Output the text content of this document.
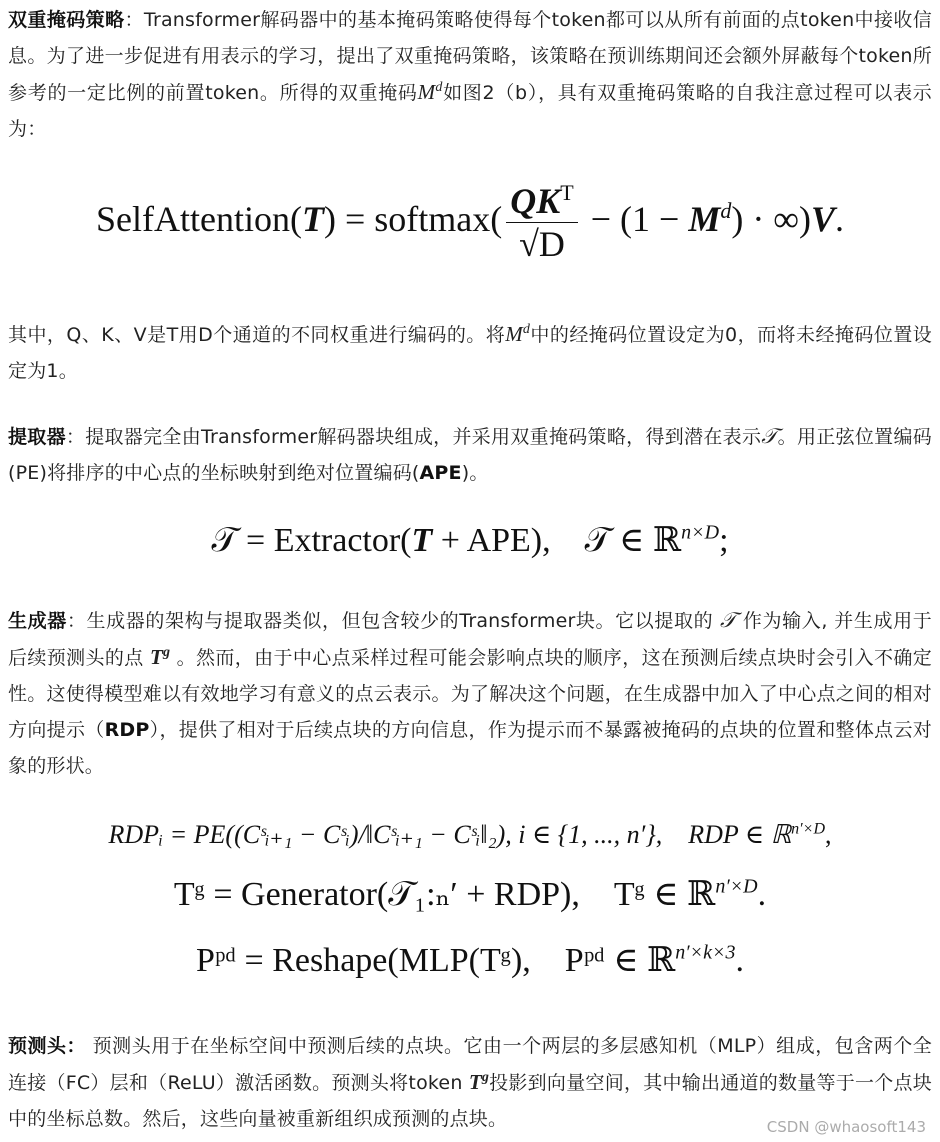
双重掩码策略：Transformer解码器中的基本掩码策略使得每个token都可以从所有前面的点token中接收信息。为了进一步促进有用表示的学习，提出了双重掩码策略，该策略在预训练期间还会额外屏蔽每个token所参考的一定比例的前置token。所得的双重掩码$M^d$如图2（b），具有双重掩码策略的自我注意过程可以表示为：
SelfAttention(T) = softmax( $\frac{QK^T}{√D} - (1 - M^d) \cdot \infty)V$.
其中，Q、K、V是T用D个通道的不同权重进行编码的。将$M^d$中的经掩码位置设定为0，而将未经掩码位置设定为1。
提取器：提取器完全由Transformer解码器块组成，并采用双重掩码策略，得到潜在表示𝒯。用正弦位置编码(PE)将排序的中心点的坐标映射到绝对位置编码(APE)。
𝒯 = Extractor(T + APE), 𝒯 ∈ ℝ$^{n\times D}$;
生成器：生成器的架构与提取器类似，但包含较少的Transformer块。它以提取的 𝒯 作为输入, 并生成用于后续预测头的点 $T^g$ 。然而，由于中心点采样过程可能会影响点块的顺序，这在预测后续点块时会引入不确定性。这使得模型难以有效地学习有意义的点云表示。为了解决这个问题，在生成器中加入了中心点之间的相对方向提示（RDP），提供了相对于后续点块的方向信息，作为提示而不暴露被掩码的点块的位置和整体点云对象的形状。
RDPᵢ = PE((Cˢᵢ₊₁ − Cˢᵢ)/‖Cˢᵢ₊₁ − Cˢᵢ‖₂), i ∈ {1, ..., n′}, RDP ∈ ℝ$^{n'\times D}$,
Tᵍ = Generator(𝒯₁:ₙ′ + RDP), Tᵍ ∈ ℝ$^{n'\times D}$.
Pᵖᵈ = Reshape(MLP(Tᵍ), Pᵖᵈ ∈ ℝ$^{n'\times k\times 3}$.
预测头： 预测头用于在坐标空间中预测后续的点块。它由一个两层的多层感知机（MLP）组成，包含两个全连接（FC）层和（ReLU）激活函数。预测头将token $T^g$投影到向量空间，其中输出通道的数量等于一个点块中的坐标总数。然后，这些向量被重新组织成预测的点块。	CSDN @whaosoft143
